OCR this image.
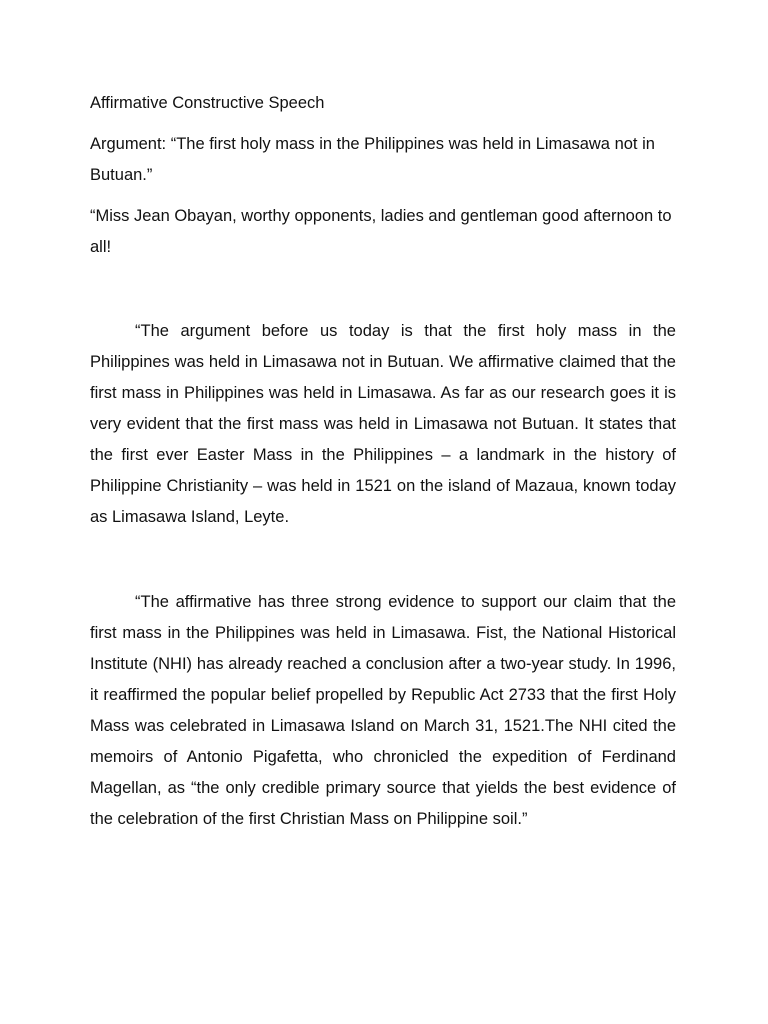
Affirmative Constructive Speech

Argument: “The first holy mass in the Philippines was held in Limasawa not in Butuan.”

“Miss Jean Obayan, worthy opponents, ladies and gentleman good afternoon to all!

“The argument before us today is that the first holy mass in the Philippines was held in Limasawa not in Butuan. We affirmative claimed that the first mass in Philippines was held in Limasawa. As far as our research goes it is very evident that the first mass was held in Limasawa not Butuan. It states that the first ever Easter Mass in the Philippines – a landmark in the history of Philippine Christianity – was held in 1521 on the island of Mazaua, known today as Limasawa Island, Leyte.

“The affirmative has three strong evidence to support our claim that the first mass in the Philippines was held in Limasawa. Fist, the National Historical Institute (NHI) has already reached a conclusion after a two-year study. In 1996, it reaffirmed the popular belief propelled by Republic Act 2733 that the first Holy Mass was celebrated in Limasawa Island on March 31, 1521.The NHI cited the memoirs of Antonio Pigafetta, who chronicled the expedition of Ferdinand Magellan, as “the only credible primary source that yields the best evidence of the celebration of the first Christian Mass on Philippine soil.”
